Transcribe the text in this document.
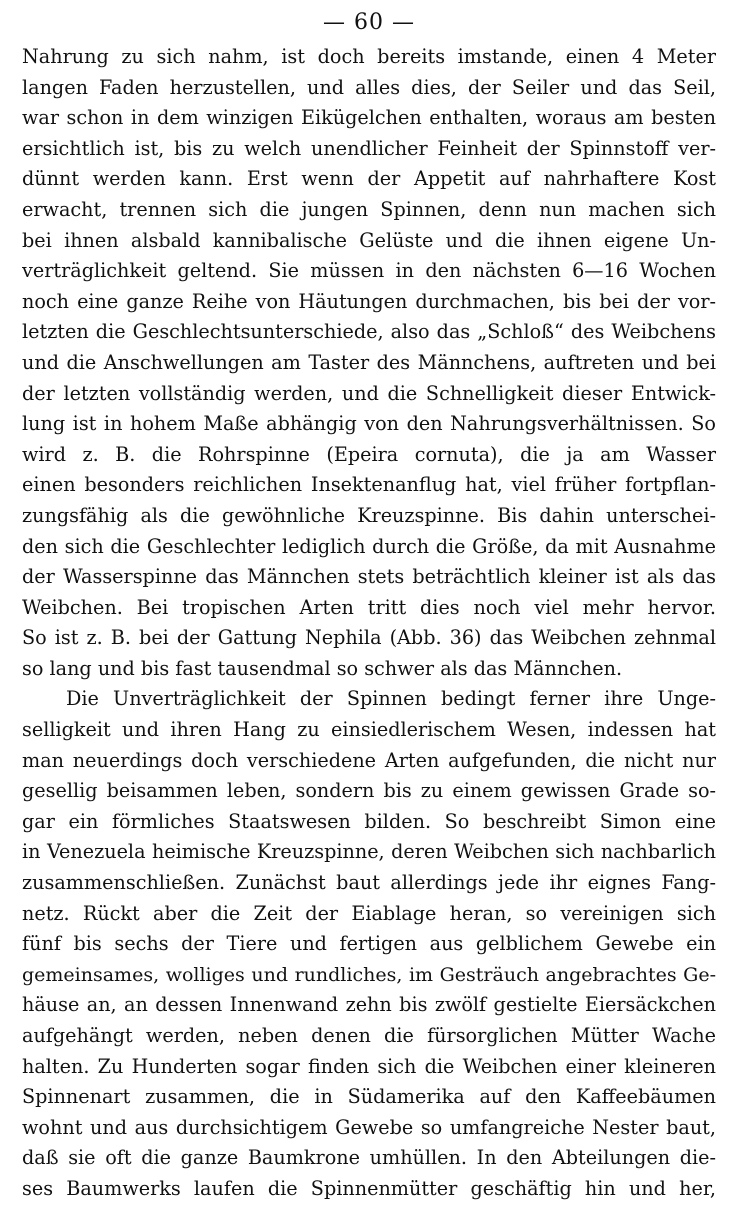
— 60 —
Nahrung zu sich nahm, ist doch bereits imstande, einen 4 Meter
langen Faden herzustellen, und alles dies, der Seiler und das Seil,
war schon in dem winzigen Eikügelchen enthalten, woraus am besten
ersichtlich ist, bis zu welch unendlicher Feinheit der Spinnstoff ver-
dünnt werden kann. Erst wenn der Appetit auf nahrhaftere Kost
erwacht, trennen sich die jungen Spinnen, denn nun machen sich
bei ihnen alsbald kannibalische Gelüste und die ihnen eigene Un-
verträglichkeit geltend. Sie müssen in den nächsten 6—16 Wochen
noch eine ganze Reihe von Häutungen durchmachen, bis bei der vor-
letzten die Geschlechtsunterschiede, also das „Schloß“ des Weibchens
und die Anschwellungen am Taster des Männchens, auftreten und bei
der letzten vollständig werden, und die Schnelligkeit dieser Entwick-
lung ist in hohem Maße abhängig von den Nahrungsverhältnissen. So
wird z. B. die Rohrspinne (Epeira cornuta), die ja am Wasser
einen besonders reichlichen Insektenanflug hat, viel früher fortpflan-
zungsfähig als die gewöhnliche Kreuzspinne. Bis dahin unterschei-
den sich die Geschlechter lediglich durch die Größe, da mit Ausnahme
der Wasserspinne das Männchen stets beträchtlich kleiner ist als das
Weibchen. Bei tropischen Arten tritt dies noch viel mehr hervor.
So ist z. B. bei der Gattung Nephila (Abb. 36) das Weibchen zehnmal
so lang und bis fast tausendmal so schwer als das Männchen.
Die Unverträglichkeit der Spinnen bedingt ferner ihre Unge-
selligkeit und ihren Hang zu einsiedlerischem Wesen, indessen hat
man neuerdings doch verschiedene Arten aufgefunden, die nicht nur
gesellig beisammen leben, sondern bis zu einem gewissen Grade so-
gar ein förmliches Staatswesen bilden. So beschreibt Simon eine
in Venezuela heimische Kreuzspinne, deren Weibchen sich nachbarlich
zusammenschließen. Zunächst baut allerdings jede ihr eignes Fang-
netz. Rückt aber die Zeit der Eiablage heran, so vereinigen sich
fünf bis sechs der Tiere und fertigen aus gelblichem Gewebe ein
gemeinsames, wolliges und rundliches, im Gesträuch angebrachtes Ge-
häuse an, an dessen Innenwand zehn bis zwölf gestielte Eiersäckchen
aufgehängt werden, neben denen die fürsorglichen Mütter Wache
halten. Zu Hunderten sogar finden sich die Weibchen einer kleineren
Spinnenart zusammen, die in Südamerika auf den Kaffeebäumen
wohnt und aus durchsichtigem Gewebe so umfangreiche Nester baut,
daß sie oft die ganze Baumkrone umhüllen. In den Abteilungen die-
ses Baumwerks laufen die Spinnenmütter geschäftig hin und her,
